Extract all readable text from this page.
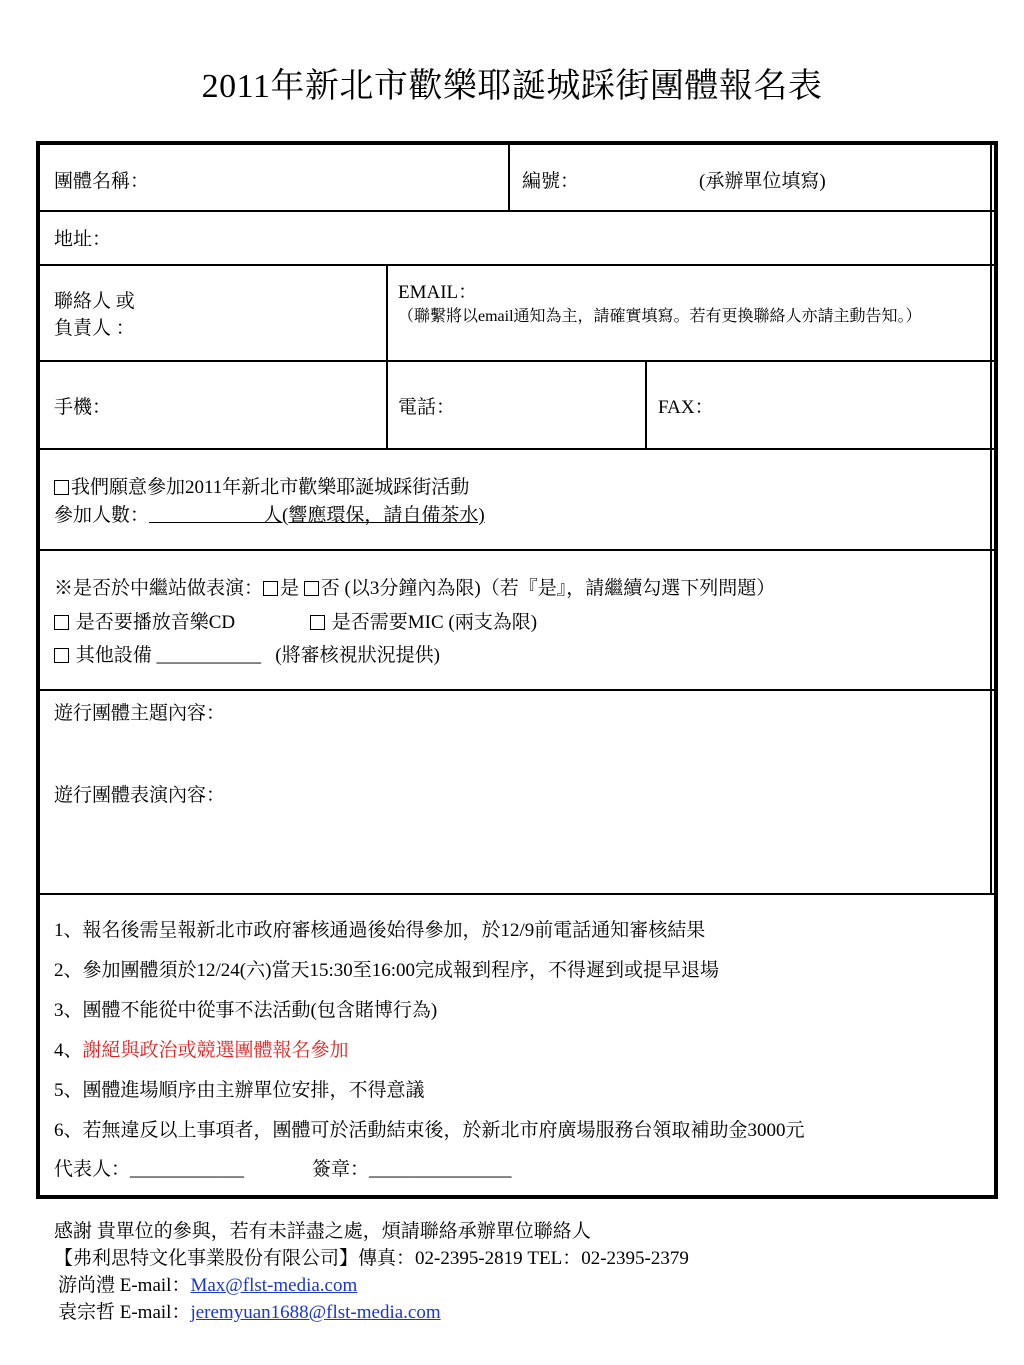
2011年新北市歡樂耶誕城踩街團體報名表
團體名稱：	編號：	(承辦單位填寫)
地址：
聯絡人 或
負責人 ：
EMAIL：
（聯繫將以email通知為主，請確實填寫。若有更換聯絡人亦請主動告知。）
手機：	電話：	FAX：
我們願意參加2011年新北市歡樂耶誕城踩街活動
參加人數：	人(響應環保，請自備茶水)
※是否於中繼站做表演： 是 否 (以3分鐘內為限)（若『是』，請繼續勾選下列問題）
是否要播放音樂CD	是否需要MIC (兩支為限)
其他設備 ___________ (將審核視狀況提供)
遊行團體主題內容：
遊行團體表演內容：
1、報名後需呈報新北市政府審核通過後始得參加，於12/9前電話通知審核結果
2、參加團體須於12/24(六)當天15:30至16:00完成報到程序，不得遲到或提早退場
3、團體不能從中從事不法活動(包含賭博行為)
4、謝絕與政治或競選團體報名參加
5、團體進場順序由主辦單位安排，不得意議
6、若無違反以上事項者，團體可於活動結束後，於新北市府廣場服務台領取補助金3000元
代表人：____________	簽章：_______________
感謝 貴單位的參與，若有未詳盡之處，煩請聯絡承辦單位聯絡人
【弗利思特文化事業股份有限公司】傳真：02-2395-2819 TEL：02-2395-2379
游尚澧 E-mail：Max@flst-media.com
袁宗哲 E-mail：jeremyuan1688@flst-media.com
